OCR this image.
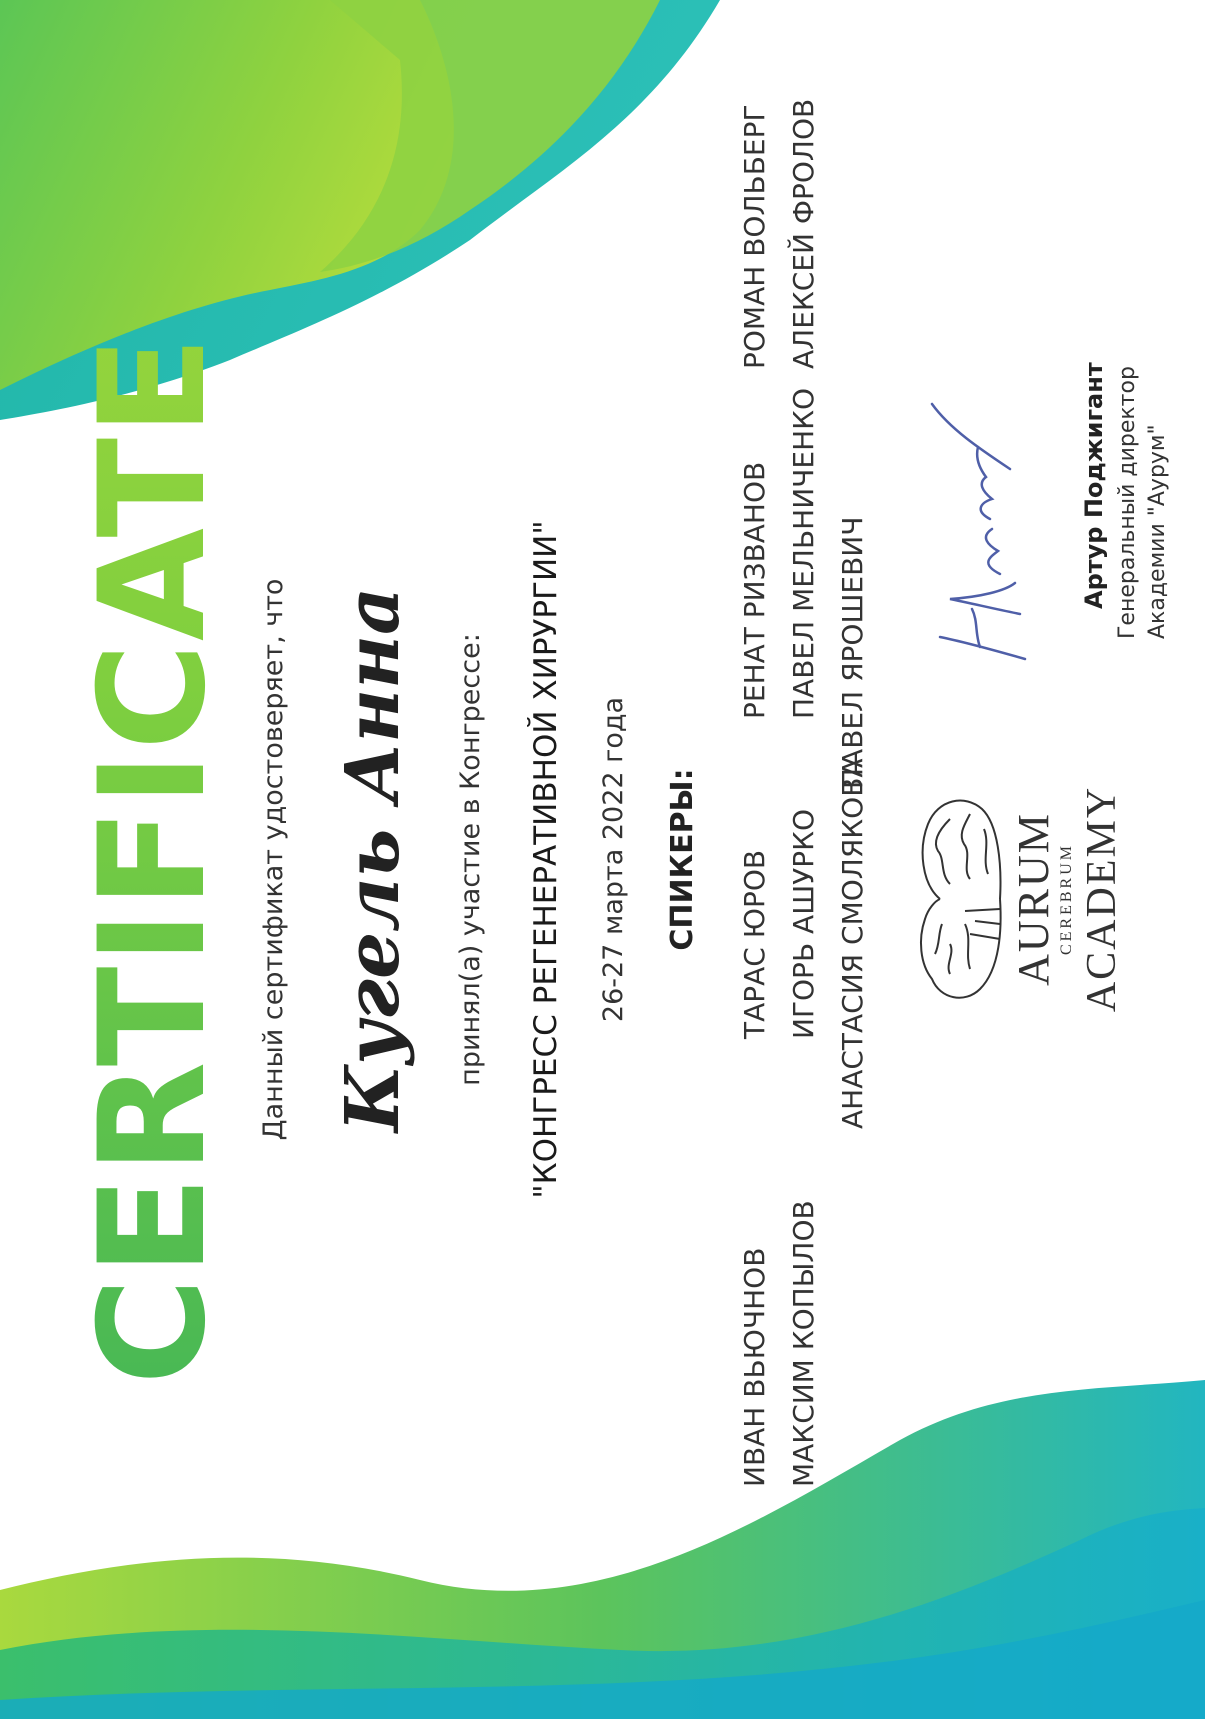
CERTIFICATE Данный сертификат удостоверяет, что Кугель Анна принял(а) участие в Конгрессе: "КОНГРЕСС РЕГЕНЕРАТИВНОЙ ХИРУРГИИ" 26-27 марта 2022 года СПИКЕРЫ:
ИВАН ВЬЮЧНОВ
ТАРАС ЮРОВ
РЕНАТ РИЗВАНОВ
РОМАН ВОЛЬБЕРГ
МАКСИМ КОПЫЛОВ
ИГОРЬ АШУРКО
ПАВЕЛ МЕЛЬНИЧЕНКО
АЛЕКСЕЙ ФРОЛОВ
АНАСТАСИЯ СМОЛЯКОВА
ПАВЕЛ ЯРОШЕВИЧ
AURUM CEREBRUM ACADEMY
Артур Поджигант Генеральный директор Академии "Аурум"
